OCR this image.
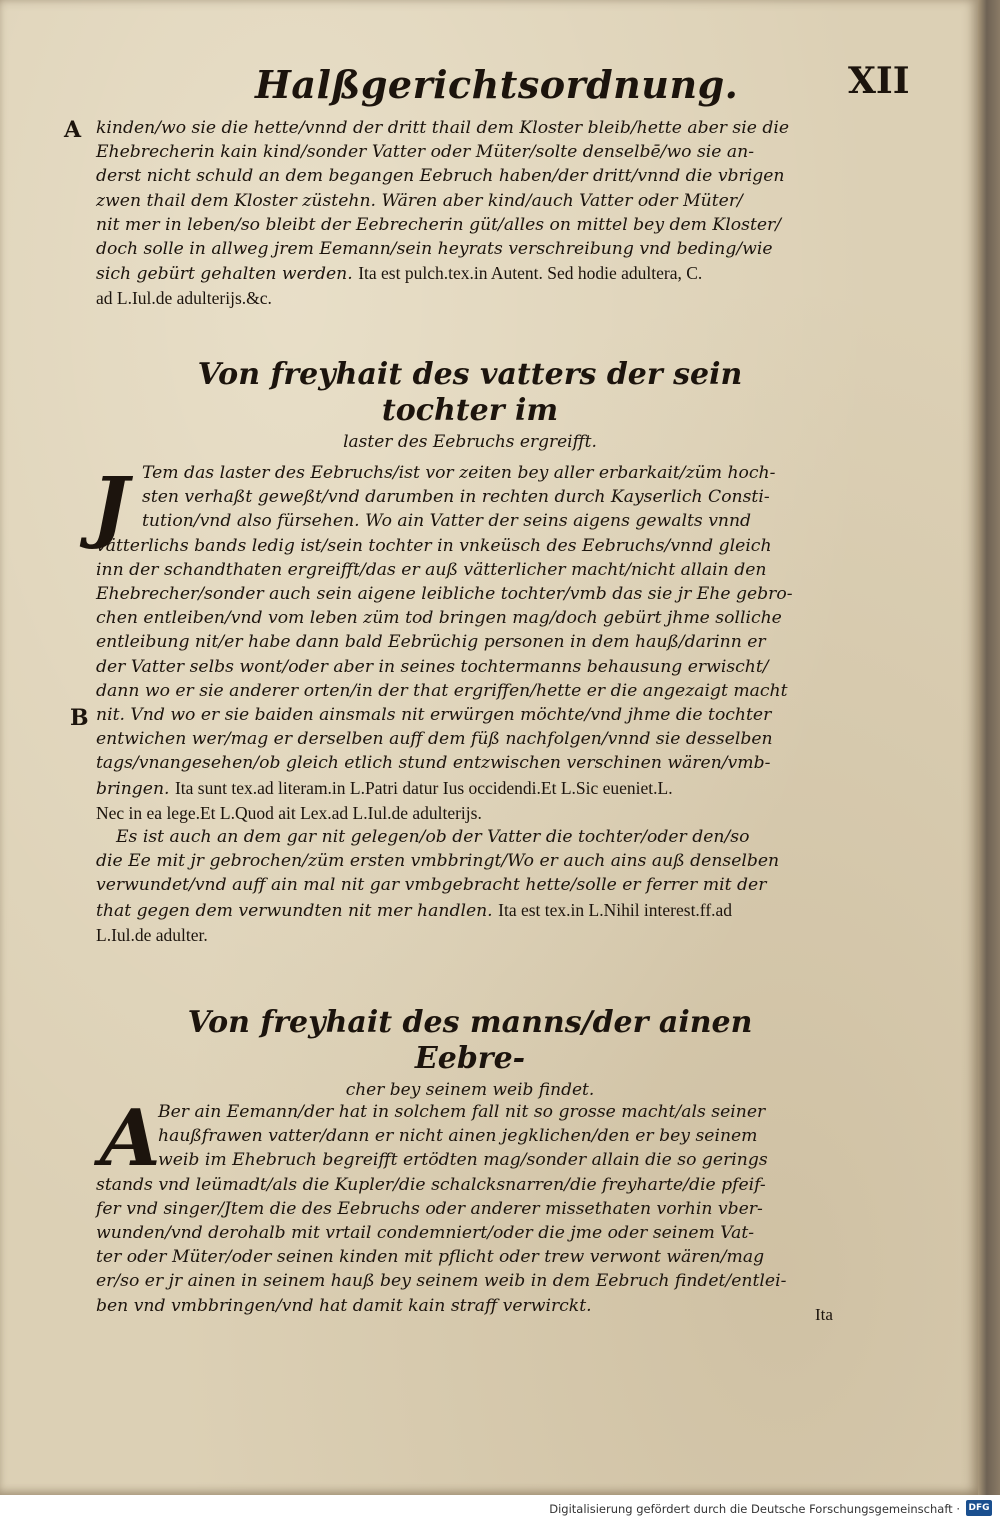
Halßgerichtsordnung.	XII
A kinden/wo sie die hette/vnnd der dritt thail dem Kloster bleib/hette aber sie die
Ehebrecherin kain kind/sonder Vatter oder Müter/solte denselbē/wo sie an-
derst nicht schuld an dem begangen Eebruch haben/der dritt/vnnd die vbrigen
zwen thail dem Kloster züstehn. Wären aber kind/auch Vatter oder Müter/
nit mer in leben/so bleibt der Eebrecherin güt/alles on mittel bey dem Kloster/
doch solle in allweg jrem Eemann/sein heyrats verschreibung vnd beding/wie
sich gebürt gehalten werden. Ita est pulch.tex.in Autent. Sed hodie adultera, C.
ad L.Iul.de adulterijs.&c.
Von freyhait des vatters der sein tochter im
laster des Eebruchs ergreifft.
J
B
Tem das laster des Eebruchs/ist vor zeiten bey aller erbarkait/züm hoch-
sten verhaßt geweßt/vnd darumben in rechten durch Kayserlich Consti-
tution/vnd also fürsehen. Wo ain Vatter der seins aigens gewalts vnnd
vätterlichs bands ledig ist/sein tochter in vnkeüsch des Eebruchs/vnnd gleich
inn der schandthaten ergreifft/das er auß vätterlicher macht/nicht allain den
Ehebrecher/sonder auch sein aigene leibliche tochter/vmb das sie jr Ehe gebro-
chen entleiben/vnd vom leben züm tod bringen mag/doch gebürt jhme solliche
entleibung nit/er habe dann bald Eebrüchig personen in dem hauß/darinn er
der Vatter selbs wont/oder aber in seines tochtermanns behausung erwischt/
dann wo er sie anderer orten/in der that ergriffen/hette er die angezaigt macht
nit. Vnd wo er sie baiden ainsmals nit erwürgen möchte/vnd jhme die tochter
entwichen wer/mag er derselben auff dem füß nachfolgen/vnnd sie desselben
tags/vnangesehen/ob gleich etlich stund entzwischen verschinen wären/vmb-
bringen. Ita sunt tex.ad literam.in L.Patri datur Ius occidendi.Et L.Sic eueniet.L.
Nec in ea lege.Et L.Quod ait Lex.ad L.Iul.de adulterijs.
Es ist auch an dem gar nit gelegen/ob der Vatter die tochter/oder den/so
die Ee mit jr gebrochen/züm ersten vmbbringt/Wo er auch ains auß denselben
verwundet/vnd auff ain mal nit gar vmbgebracht hette/solle er ferrer mit der
that gegen dem verwundten nit mer handlen. Ita est tex.in L.Nihil interest.ff.ad
L.Iul.de adulter.
Von freyhait des manns/der ainen Eebre-
cher bey seinem weib findet.
A
Ber ain Eemann/der hat in solchem fall nit so grosse macht/als seiner
haußfrawen vatter/dann er nicht ainen jegklichen/den er bey seinem
weib im Ehebruch begreifft ertödten mag/sonder allain die so gerings
stands vnd leümadt/als die Kupler/die schalcksnarren/die freyharte/die pfeif-
fer vnd singer/Jtem die des Eebruchs oder anderer missethaten vorhin vber-
wunden/vnd derohalb mit vrtail condemniert/oder die jme oder seinem Vat-
ter oder Müter/oder seinen kinden mit pflicht oder trew verwont wären/mag
er/so er jr ainen in seinem hauß bey seinem weib in dem Eebruch findet/entlei-
ben vnd vmbbringen/vnd hat damit kain straff verwirckt.	Ita
Digitalisierung gefördert durch die Deutsche Forschungsgemeinschaft · DFG
